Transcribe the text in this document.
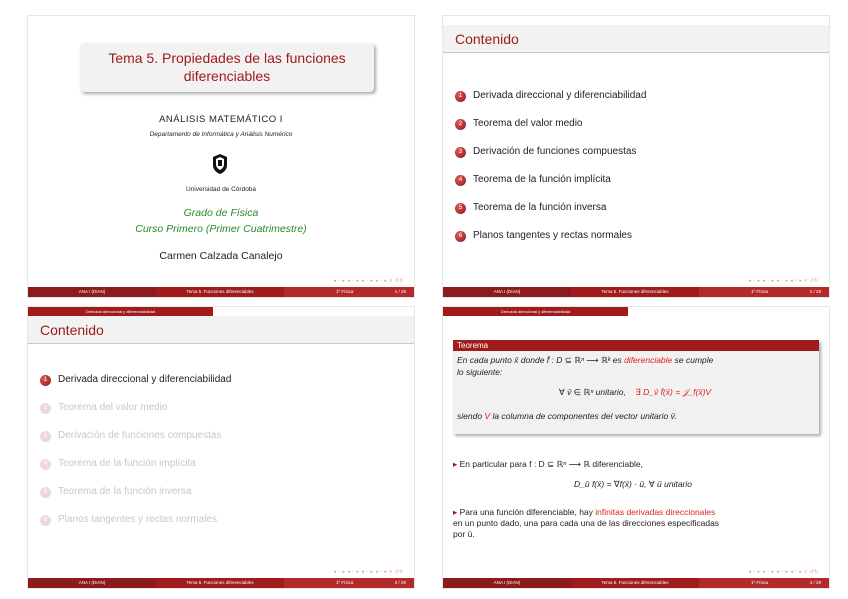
Tema 5. Propiedades de las funciones
diferenciables
ANÁLISIS MATEMÁTICO I
Departamento de Informática y Análisis Numérico
Universidad de Córdoba
Grado de Física
Curso Primero (Primer Cuatrimestre)
Carmen Calzada Canalejo
◂ ▫ ▸ ◂ ▫ ▸ ◂ ▫ ▸ ◂ ▫ ▸ ≡ ↺↻
ANA I (DIAN)	Tema 5. Funciones diferenciables	1º Física	1 / 29
Contenido
1	Derivada direccional y diferenciabilidad
2	Teorema del valor medio
3	Derivación de funciones compuestas
4	Teorema de la función implícita
5	Teorema de la función inversa
6	Planos tangentes y rectas normales
◂ ▫ ▸ ◂ ▫ ▸ ◂ ▫ ▸ ◂ ▫ ▸ ≡ ↺↻
ANA I (DIAN)	Tema 5. Funciones diferenciables	1º Física	2 / 29
Derivada direccional y diferenciabilidad
Contenido
1	Derivada direccional y diferenciabilidad
2	Teorema del valor medio
3	Derivación de funciones compuestas
4	Teorema de la función implícita
5	Teorema de la función inversa
6	Planos tangentes y rectas normales
◂ ▫ ▸ ◂ ▫ ▸ ◂ ▫ ▸ ◂ ▫ ▸ ≡ ↺↻
ANA I (DIAN)	Tema 5. Funciones diferenciables	1º Física	3 / 29
Derivada direccional y diferenciabilidad
Teorema
En cada punto x̄ donde f̄ : D ⊆ ℝⁿ ⟶ ℝᵏ es diferenciable se cumple
lo siguiente:
∀ v̄ ∈ ℝⁿ unitario, ∃ D_v̄ f̄(x̄) = 𝒥_f(x̄)V
siendo V la columna de componentes del vector unitario v̄.
▸ En particular para f : D ⊆ ℝⁿ ⟶ ℝ diferenciable,
D_ū f(x̄) = ∇f(x̄) · ū, ∀ ū unitario
▸ Para una función diferenciable, hay infinitas derivadas direccionales
en un punto dado, una para cada una de las direcciones especificadas
por ū.
◂ ▫ ▸ ◂ ▫ ▸ ◂ ▫ ▸ ◂ ▫ ▸ ≡ ↺↻
ANA I (DIAN)	Tema 5. Funciones diferenciables	1º Física	4 / 29
